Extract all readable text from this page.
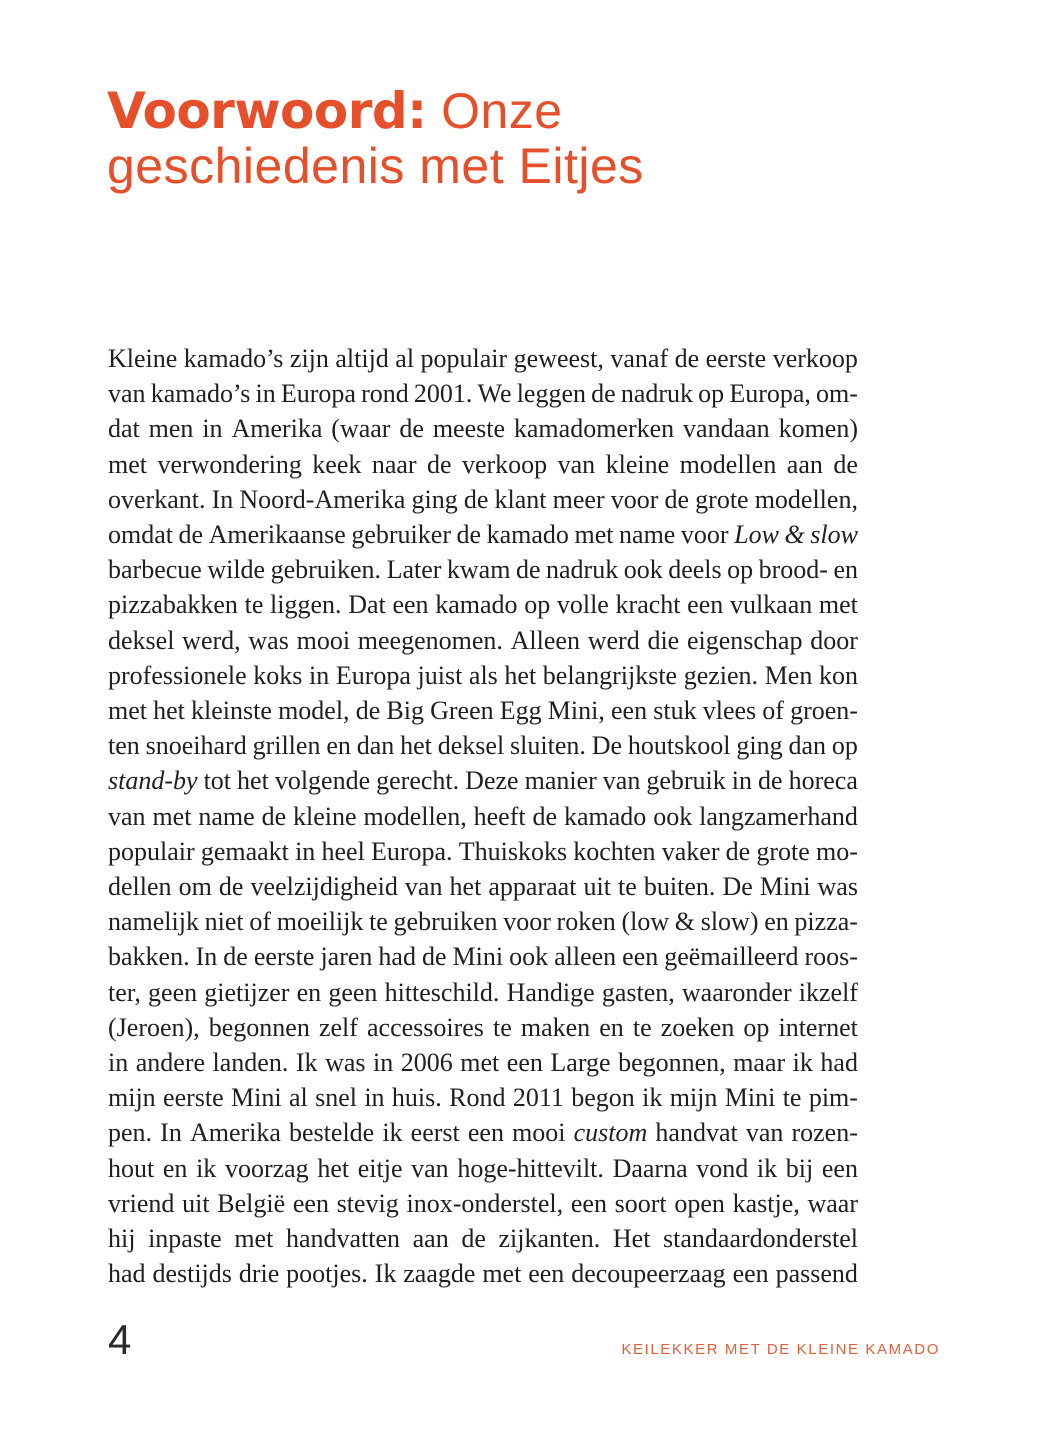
Voorwoord: Onze
geschiedenis met Eitjes
Kleine kamado’s zijn altijd al populair geweest, vanaf de eerste verkoop
van kamado’s in Europa rond 2001. We leggen de nadruk op Europa, om-
dat men in Amerika (waar de meeste kamadomerken vandaan komen)
met verwondering keek naar de verkoop van kleine modellen aan de
overkant. In Noord-Amerika ging de klant meer voor de grote modellen,
omdat de Amerikaanse gebruiker de kamado met name voor Low & slow
barbecue wilde gebruiken. Later kwam de nadruk ook deels op brood- en
pizzabakken te liggen. Dat een kamado op volle kracht een vulkaan met
deksel werd, was mooi meegenomen. Alleen werd die eigenschap door
professionele koks in Europa juist als het belangrijkste gezien. Men kon
met het kleinste model, de Big Green Egg Mini, een stuk vlees of groen-
ten snoeihard grillen en dan het deksel sluiten. De houtskool ging dan op
stand-by tot het volgende gerecht. Deze manier van gebruik in de horeca
van met name de kleine modellen, heeft de kamado ook langzamerhand
populair gemaakt in heel Europa. Thuiskoks kochten vaker de grote mo-
dellen om de veelzijdigheid van het apparaat uit te buiten. De Mini was
namelijk niet of moeilijk te gebruiken voor roken (low & slow) en pizza-
bakken. In de eerste jaren had de Mini ook alleen een geëmailleerd roos-
ter, geen gietijzer en geen hitteschild. Handige gasten, waaronder ikzelf
(Jeroen), begonnen zelf accessoires te maken en te zoeken op internet
in andere landen. Ik was in 2006 met een Large begonnen, maar ik had
mijn eerste Mini al snel in huis. Rond 2011 begon ik mijn Mini te pim-
pen. In Amerika bestelde ik eerst een mooi custom handvat van rozen-
hout en ik voorzag het eitje van hoge-hittevilt. Daarna vond ik bij een
vriend uit België een stevig inox-onderstel, een soort open kastje, waar
hij inpaste met handvatten aan de zijkanten. Het standaardonderstel
had destijds drie pootjes. Ik zaagde met een decoupeerzaag een passend
4	KEILEKKER MET DE KLEINE KAMADO
